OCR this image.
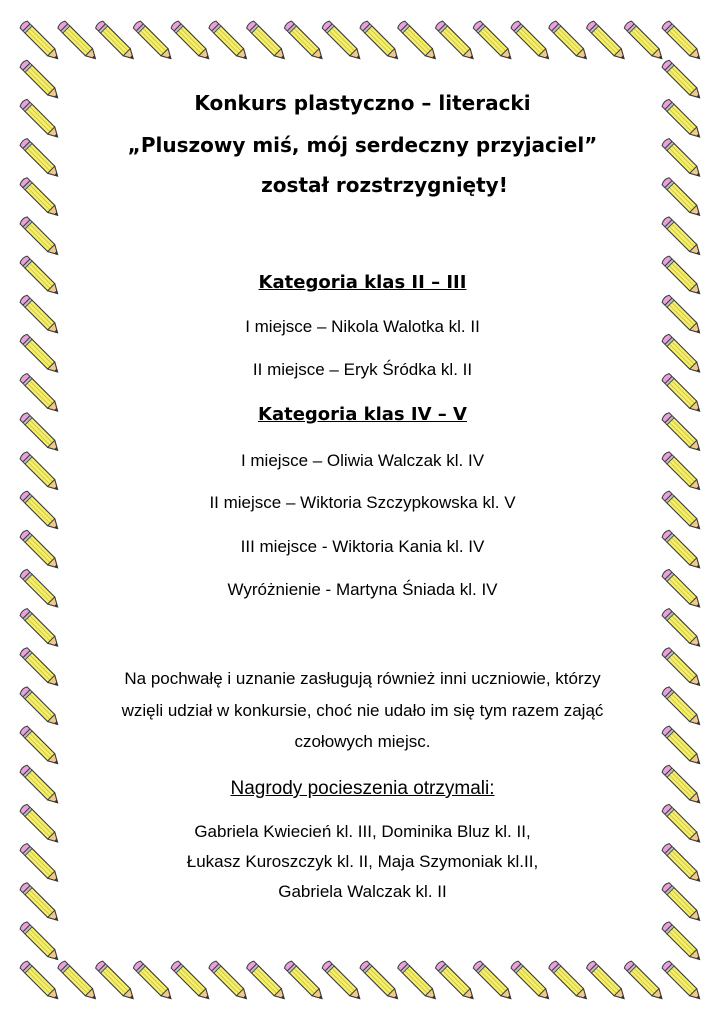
Konkurs plastyczno – literacki
„Pluszowy miś, mój serdeczny przyjaciel”
został rozstrzygnięty!
Kategoria klas II – III
I miejsce – Nikola Walotka kl. II
II miejsce – Eryk Śródka kl. II
Kategoria klas IV – V
I miejsce – Oliwia Walczak kl. IV
II miejsce – Wiktoria Szczypkowska kl. V
III miejsce - Wiktoria Kania kl. IV
Wyróżnienie - Martyna Śniada kl. IV
Na pochwałę i uznanie zasługują również inni uczniowie, którzy
wzięli udział w konkursie, choć nie udało im się tym razem zająć
czołowych miejsc.
Nagrody pocieszenia otrzymali:
Gabriela Kwiecień kl. III, Dominika Bluz kl. II,
Łukasz Kuroszczyk kl. II, Maja Szymoniak kl.II,
Gabriela Walczak kl. II
